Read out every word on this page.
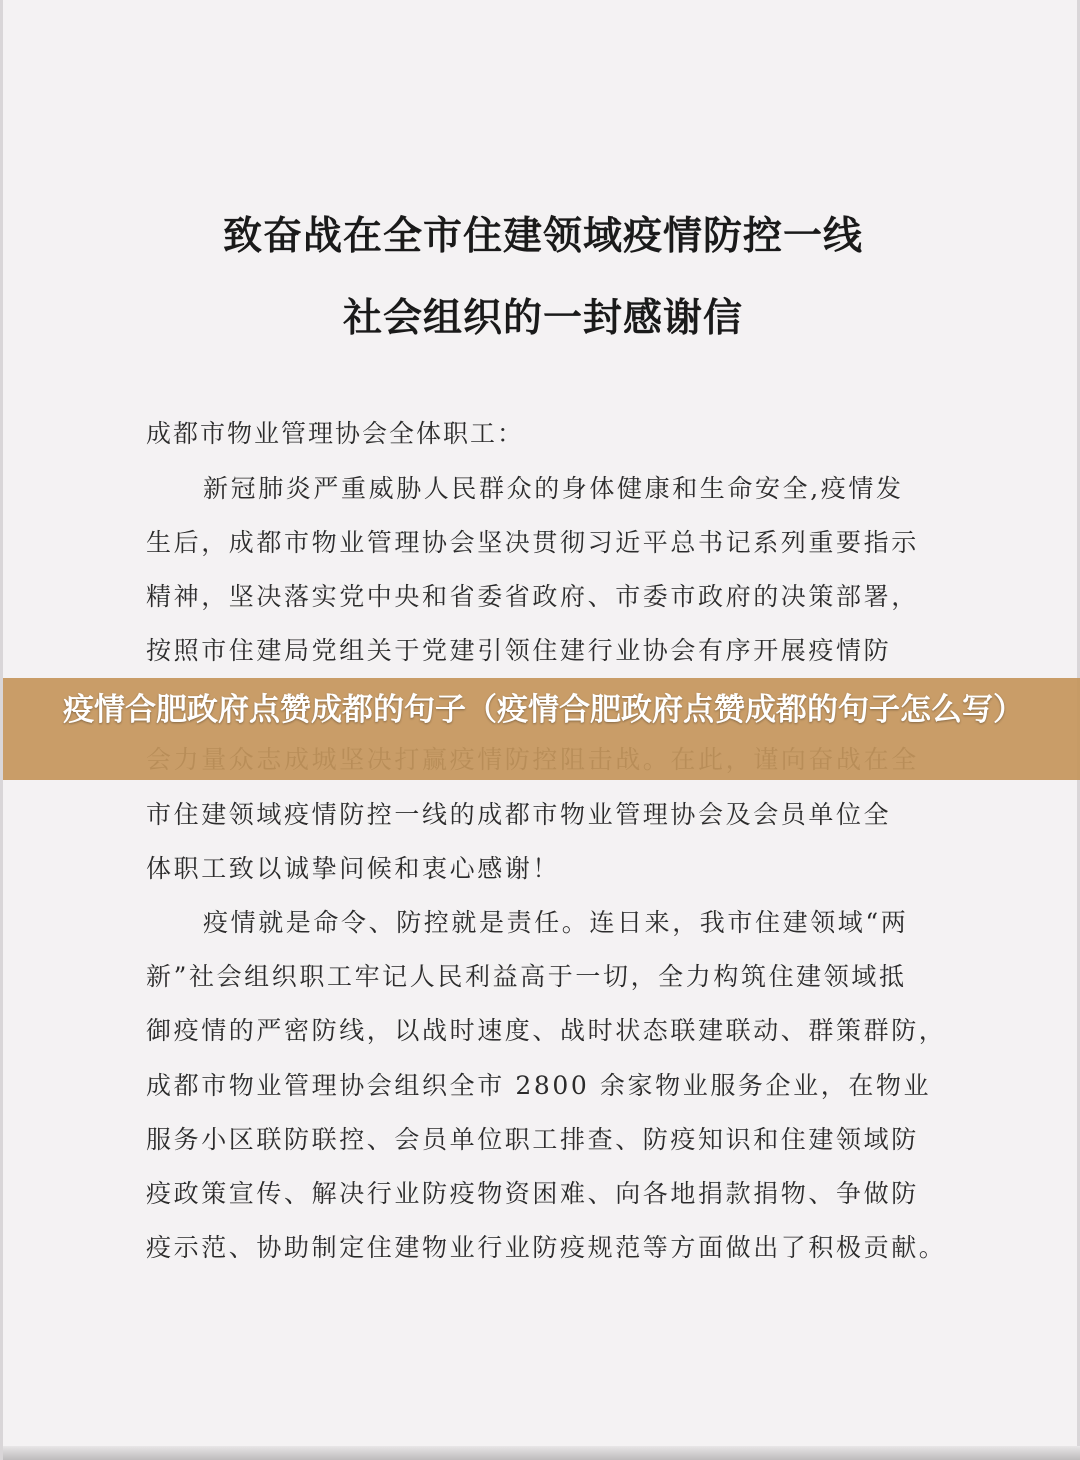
致奋战在全市住建领域疫情防控一线
社会组织的一封感谢信
成都市物业管理协会全体职工：
新冠肺炎严重威胁人民群众的身体健康和生命安全,疫情发
生后，成都市物业管理协会坚决贯彻习近平总书记系列重要指示
精神，坚决落实党中央和省委省政府、市委市政府的决策部署，
按照市住建局党组关于党建引领住建行业协会有序开展疫情防
市住建领域疫情防控一线的成都市物业管理协会及会员单位全
体职工致以诚挚问候和衷心感谢！
疫情就是命令、防控就是责任。连日来，我市住建领域“两
新”社会组织职工牢记人民利益高于一切，全力构筑住建领域抵
御疫情的严密防线，以战时速度、战时状态联建联动、群策群防，
成都市物业管理协会组织全市 2800 余家物业服务企业，在物业
服务小区联防联控、会员单位职工排查、防疫知识和住建领域防
疫政策宣传、解决行业防疫物资困难、向各地捐款捐物、争做防
疫示范、协助制定住建物业行业防疫规范等方面做出了积极贡献。
疫情合肥政府点赞成都的句子（疫情合肥政府点赞成都的句子怎么写）
